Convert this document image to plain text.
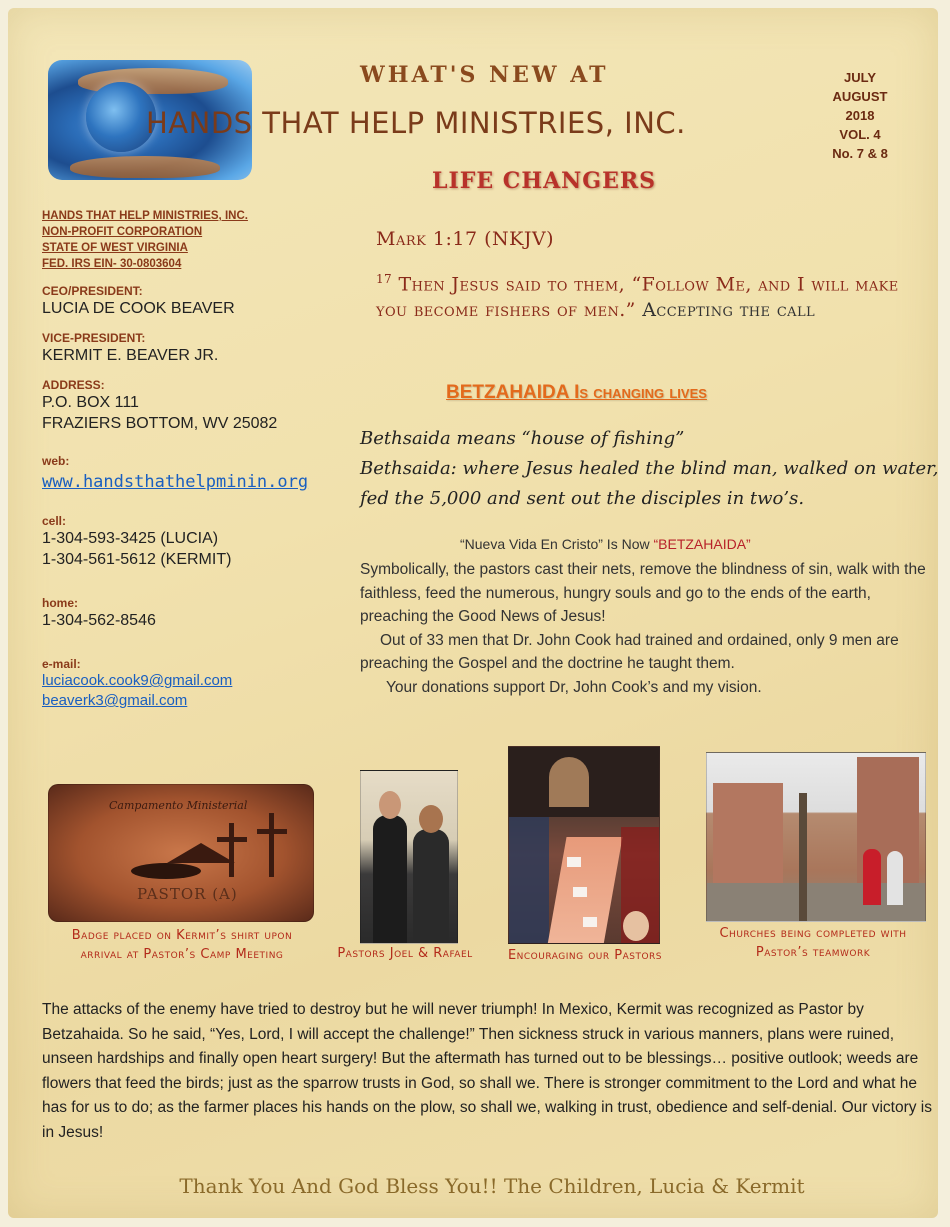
WHAT'S NEW AT
HANDS THAT HELP MINISTRIES, INC.
LIFE CHANGERS
JULY
AUGUST
2018
VOL. 4
No. 7 & 8
HANDS THAT HELP MINISTRIES, INC.
NON-PROFIT CORPORATION
STATE OF WEST VIRGINIA
FED. IRS EIN- 30-0803604
CEO/PRESIDENT:
LUCIA DE COOK BEAVER
VICE-PRESIDENT:
KERMIT E. BEAVER JR.
ADDRESS:
P.O. BOX 111
FRAZIERS BOTTOM, WV 25082
web:
www.handsthathelpminin.org
cell:
1-304-593-3425 (LUCIA)
1-304-561-5612 (KERMIT)
home:
1-304-562-8546
e-mail:
luciacook.cook9@gmail.com
beaverk3@gmail.com
Mark 1:17 (NKJV)
$^{17}$ Then Jesus said to them, “Follow Me, and I will make you become fishers of men.” Accepting the call
BETZAHAIDA Is changing lives
Bethsaida means “house of fishing”
Bethsaida: where Jesus healed the blind man, walked on water, fed the 5,000 and sent out the disciples in two’s.
“Nueva Vida En Cristo” Is Now “BETZAHAIDA”

Symbolically, the pastors cast their nets, remove the blindness of sin, walk with the faithless, feed the numerous, hungry souls and go to the ends of the earth, preaching the Good News of Jesus!

Out of 33 men that Dr. John Cook had trained and ordained, only 9 men are preaching the Gospel and the doctrine he taught them.

Your donations support Dr, John Cook’s and my vision.

Campamento Ministerial
PASTOR (A)
Badge placed on Kermit’s shirt upon arrival at Pastor’s Camp Meeting	Pastors Joel & Rafael	Encouraging our Pastors
Churches being completed with Pastor’s teamwork

The attacks of the enemy have tried to destroy but he will never triumph! In Mexico, Kermit was recognized as Pastor by Betzahaida. So he said, “Yes, Lord, I will accept the challenge!” Then sickness struck in various manners, plans were ruined, unseen hardships and finally open heart surgery! But the aftermath has turned out to be blessings… positive outlook; weeds are flowers that feed the birds; just as the sparrow trusts in God, so shall we. There is stronger commitment to the Lord and what he has for us to do; as the farmer places his hands on the plow, so shall we, walking in trust, obedience and self-denial. Our victory is in Jesus!

Thank You And God Bless You!! The Children, Lucia & Kermit
